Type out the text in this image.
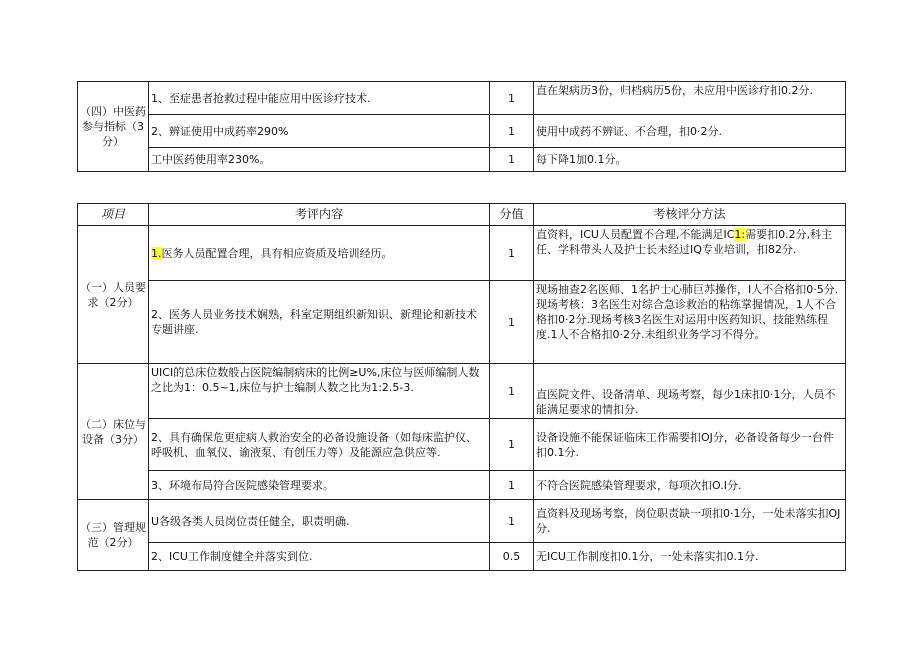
（四）中医药参与指标（3分）	1、至症患者抢救过程中能应用中医诊疗技术.	1	直在架病历3份，归档病历5份，未应用中医诊疗扣0.2分.
	2、辨证使用中成药率290%	1	使用中成药不辨证、不合理，扣0·2分.
	工中医药使用率230%。	1	每下降1加0.1分。
项目	考评内容	分值	考核评分方法
（一）人员要求（2分）	1.医务人员配置合理，具有相应资质及培训经历。	1	直资料，ICU人员配置不合理,不能满足IC1:需要扣0.2分,科主任、学科带头人及护士长未经过IQ专业培训，扣82分.
	2、医务人员业务技术娴熟，科室定期组织新知识、新理论和新技术专题讲座.	1	现场抽查2名医师、1名护士心肺巨苏操作，I人不合格扣0·5分.现场考核：3名医生对综合急诊救治的粘练掌握情况，1人不合格扣0·2分.现场考核3名医生对运用中医药知识、技能熟练程度.1人不合格扣0·2分.未组织业务学习不得分。
（二）床位与设备（3分）	UICI的总床位数般占医院编制病床的比例≥U%,床位与医师编制人数之比为1：0.5~1,床位与护士编制人数之比为1:2.5-3.	1	直医院文件、设备清单、现场考察，每少1床扣0·1分，人员不能满足要求的情扣分.
	2、具有确保危更症病人救治安全的必备设施设备（如每床监护仪、呼吸机、血氧仪、谕液泵、有创压力等）及能源应急供应等.	1	设备设施不能保证临床工作需要扣OJ分，必备设备每少一台件扣0.1分.
	3、环境布局符合医院感染管理要求。	1	不符合医院感染管理要求，每项次扣O.I分.
（三）管理规范（2分）	U各级各类人员岗位责任健全，职责明确.	1	直资料及现场考察，岗位职责缺一项扣0·1分，一处未落实扣OJ分.
	2、ICU工作制度健全并落实到位.	0.5	无ICU工作制度扣0.1分，一处未落实扣0.1分.
